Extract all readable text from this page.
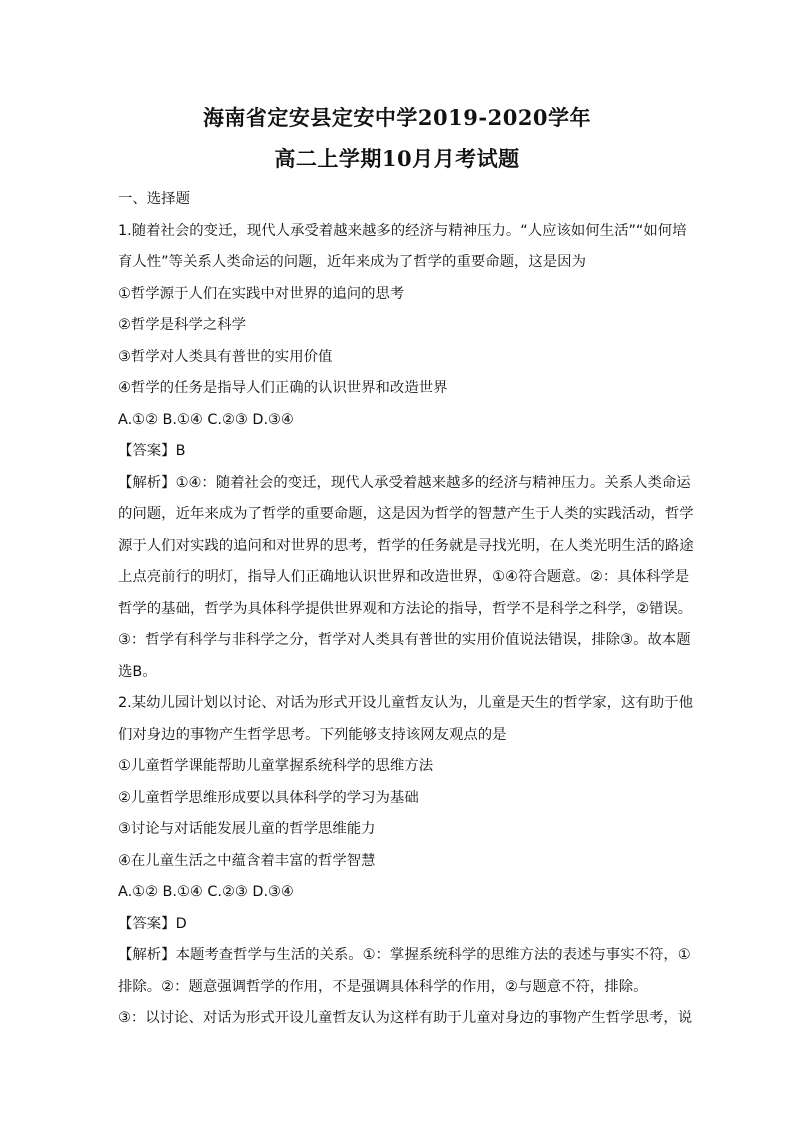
海南省定安县定安中学2019-2020学年
高二上学期10月月考试题
一、选择题
1.随着社会的变迁，现代人承受着越来越多的经济与精神压力。“人应该如何生活”“如何培
育人性”等关系人类命运的问题，近年来成为了哲学的重要命题，这是因为
①哲学源于人们在实践中对世界的追问的思考
②哲学是科学之科学
③哲学对人类具有普世的实用价值
④哲学的任务是指导人们正确的认识世界和改造世界
A.①② B.①④ C.②③ D.③④
【答案】B
【解析】①④：随着社会的变迁，现代人承受着越来越多的经济与精神压力。关系人类命运
的问题，近年来成为了哲学的重要命题，这是因为哲学的智慧产生于人类的实践活动，哲学
源于人们对实践的追问和对世界的思考，哲学的任务就是寻找光明，在人类光明生活的路途
上点亮前行的明灯，指导人们正确地认识世界和改造世界，①④符合题意。②：具体科学是
哲学的基础，哲学为具体科学提供世界观和方法论的指导，哲学不是科学之科学，②错误。
③：哲学有科学与非科学之分，哲学对人类具有普世的实用价值说法错误，排除③。故本题
选B。
2.某幼儿园计划以讨论、对话为形式开设儿童哲友认为，儿童是天生的哲学家，这有助于他
们对身边的事物产生哲学思考。下列能够支持该网友观点的是
①儿童哲学课能帮助儿童掌握系统科学的思维方法
②儿童哲学思维形成要以具体科学的学习为基础
③讨论与对话能发展儿童的哲学思维能力
④在儿童生活之中蕴含着丰富的哲学智慧
A.①② B.①④ C.②③ D.③④
【答案】D
【解析】本题考查哲学与生活的关系。①：掌握系统科学的思维方法的表述与事实不符，①
排除。②：题意强调哲学的作用，不是强调具体科学的作用，②与题意不符，排除。
③：以讨论、对话为形式开设儿童哲友认为这样有助于儿童对身边的事物产生哲学思考，说
